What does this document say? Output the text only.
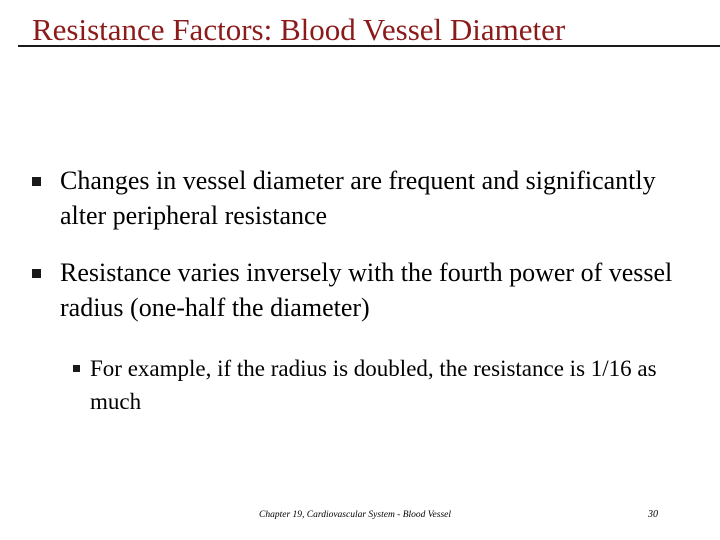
Resistance Factors: Blood Vessel Diameter
Changes in vessel diameter are frequent and significantly alter peripheral resistance
Resistance varies inversely with the fourth power of vessel radius (one-half the diameter)
For example, if the radius is doubled, the resistance is 1/16 as much
Chapter 19, Cardiovascular System - Blood Vessel	30
